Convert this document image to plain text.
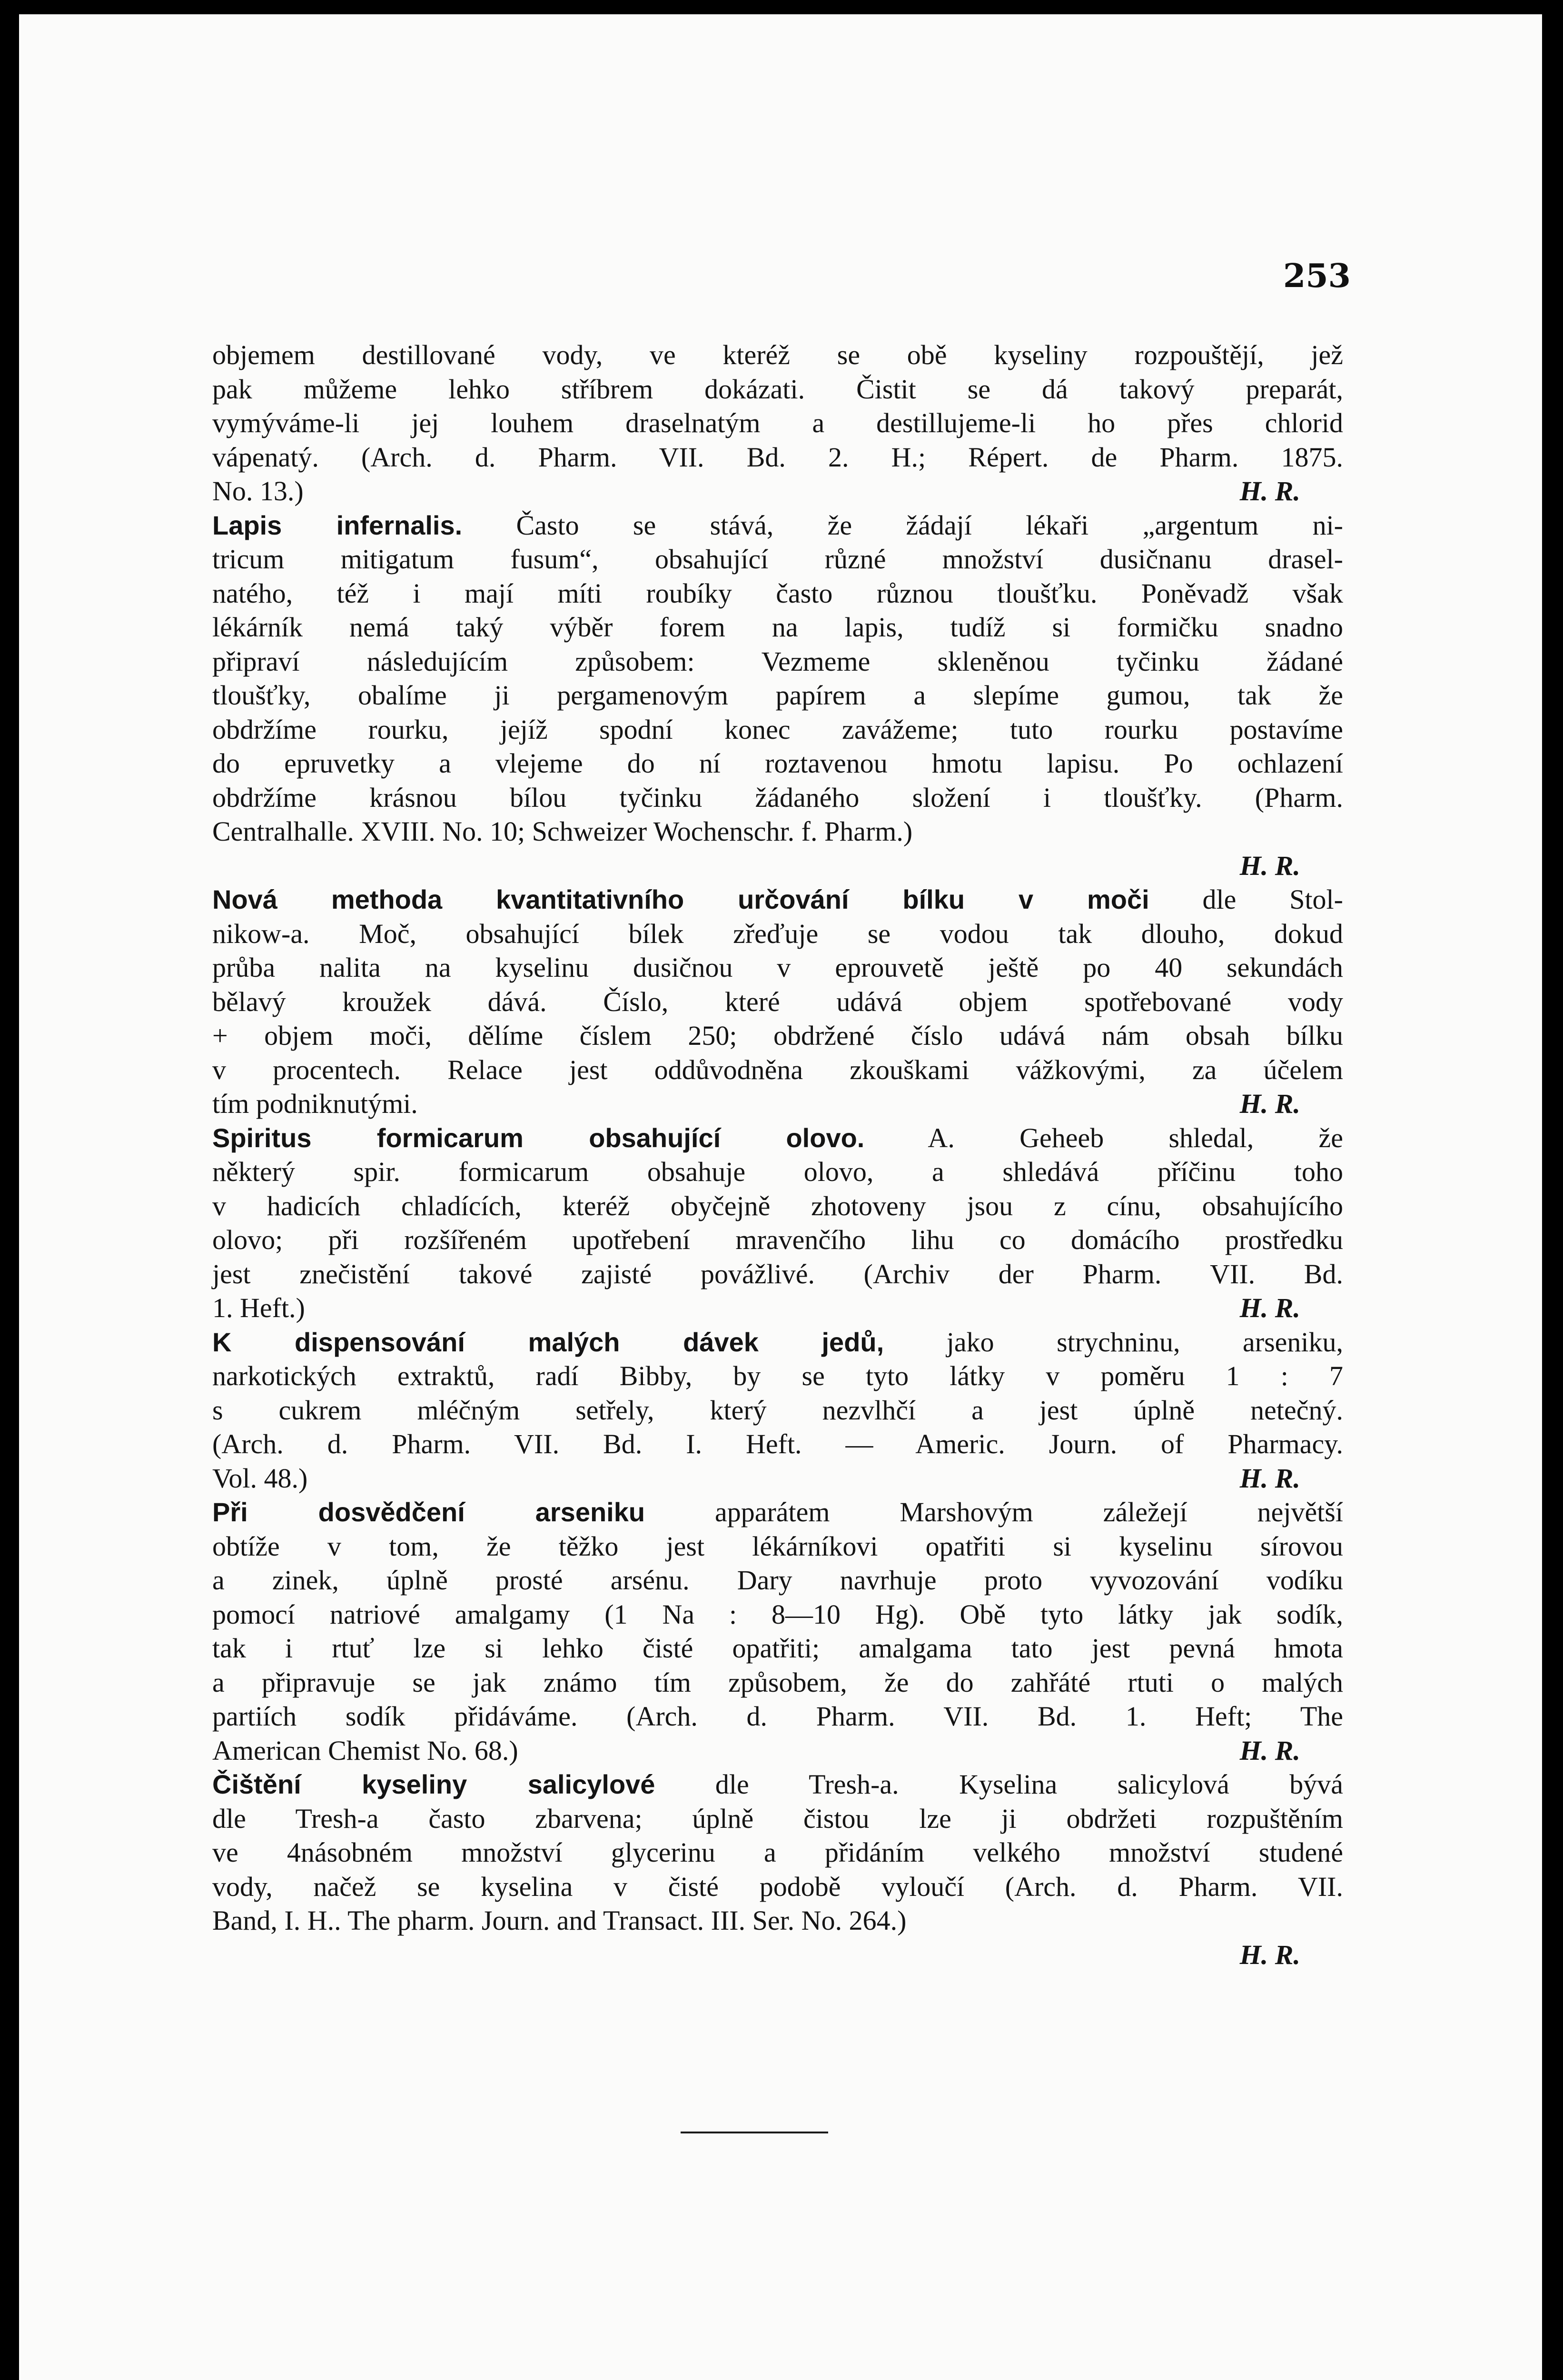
253
objemem destillované vody, ve kteréž se obě kyseliny rozpouštějí, jež
pak můžeme lehko stříbrem dokázati. Čistit se dá takový preparát,
vymýváme-li jej louhem draselnatým a destillujeme-li ho přes chlorid
vápenatý. (Arch. d. Pharm. VII. Bd. 2. H.; Répert. de Pharm. 1875.
No. 13.)	H. R.
Lapis infernalis. Často se stává, že žádají lékaři „argentum ni-
tricum mitigatum fusum“, obsahující různé množství dusičnanu drasel-
natého, též i mají míti roubíky často různou tloušťku. Poněvadž však
lékárník nemá taký výběr forem na lapis, tudíž si formičku snadno
připraví následujícím způsobem: Vezmeme skleněnou tyčinku žádané
tloušťky, obalíme ji pergamenovým papírem a slepíme gumou, tak že
obdržíme rourku, jejíž spodní konec zavážeme; tuto rourku postavíme
do epruvetky a vlejeme do ní roztavenou hmotu lapisu. Po ochlazení
obdržíme krásnou bílou tyčinku žádaného složení i tloušťky. (Pharm.
Centralhalle. XVIII. No. 10; Schweizer Wochenschr. f. Pharm.)
H. R.
Nová methoda kvantitativního určování bílku v moči dle Stol-
nikow-a. Moč, obsahující bílek zřeďuje se vodou tak dlouho, dokud
průba nalita na kyselinu dusičnou v eprouvetě ještě po 40 sekundách
bělavý kroužek dává. Číslo, které udává objem spotřebované vody
+ objem moči, dělíme číslem 250; obdržené číslo udává nám obsah bílku
v procentech. Relace jest oddůvodněna zkouškami vážkovými, za účelem
tím podniknutými.	H. R.
Spiritus formicarum obsahující olovo. A. Geheeb shledal, že
některý spir. formicarum obsahuje olovo, a shledává příčinu toho
v hadicích chladících, kteréž obyčejně zhotoveny jsou z cínu, obsahujícího
olovo; při rozšířeném upotřebení mravenčího lihu co domácího prostředku
jest znečistění takové zajisté povážlivé. (Archiv der Pharm. VII. Bd.
1. Heft.)	H. R.
K dispensování malých dávek jedů, jako strychninu, arseniku,
narkotických extraktů, radí Bibby, by se tyto látky v poměru 1 : 7
s cukrem mléčným setřely, který nezvlhčí a jest úplně netečný.
(Arch. d. Pharm. VII. Bd. I. Heft. — Americ. Journ. of Pharmacy.
Vol. 48.)	H. R.
Při dosvědčení arseniku apparátem Marshovým záležejí největší
obtíže v tom, že těžko jest lékárníkovi opatřiti si kyselinu sírovou
a zinek, úplně prosté arsénu. Dary navrhuje proto vyvozování vodíku
pomocí natriové amalgamy (1 Na : 8—10 Hg). Obě tyto látky jak sodík,
tak i rtuť lze si lehko čisté opatřiti; amalgama tato jest pevná hmota
a připravuje se jak známo tím způsobem, že do zahřáté rtuti o malých
partiích sodík přidáváme. (Arch. d. Pharm. VII. Bd. 1. Heft; The
American Chemist No. 68.)	H. R.
Čištění kyseliny salicylové dle Tresh-a. Kyselina salicylová bývá
dle Tresh-a často zbarvena; úplně čistou lze ji obdržeti rozpuštěním
ve 4násobném množství glycerinu a přidáním velkého množství studené
vody, načež se kyselina v čisté podobě vyloučí (Arch. d. Pharm. VII.
Band, I. H.. The pharm. Journ. and Transact. III. Ser. No. 264.)
H. R.
